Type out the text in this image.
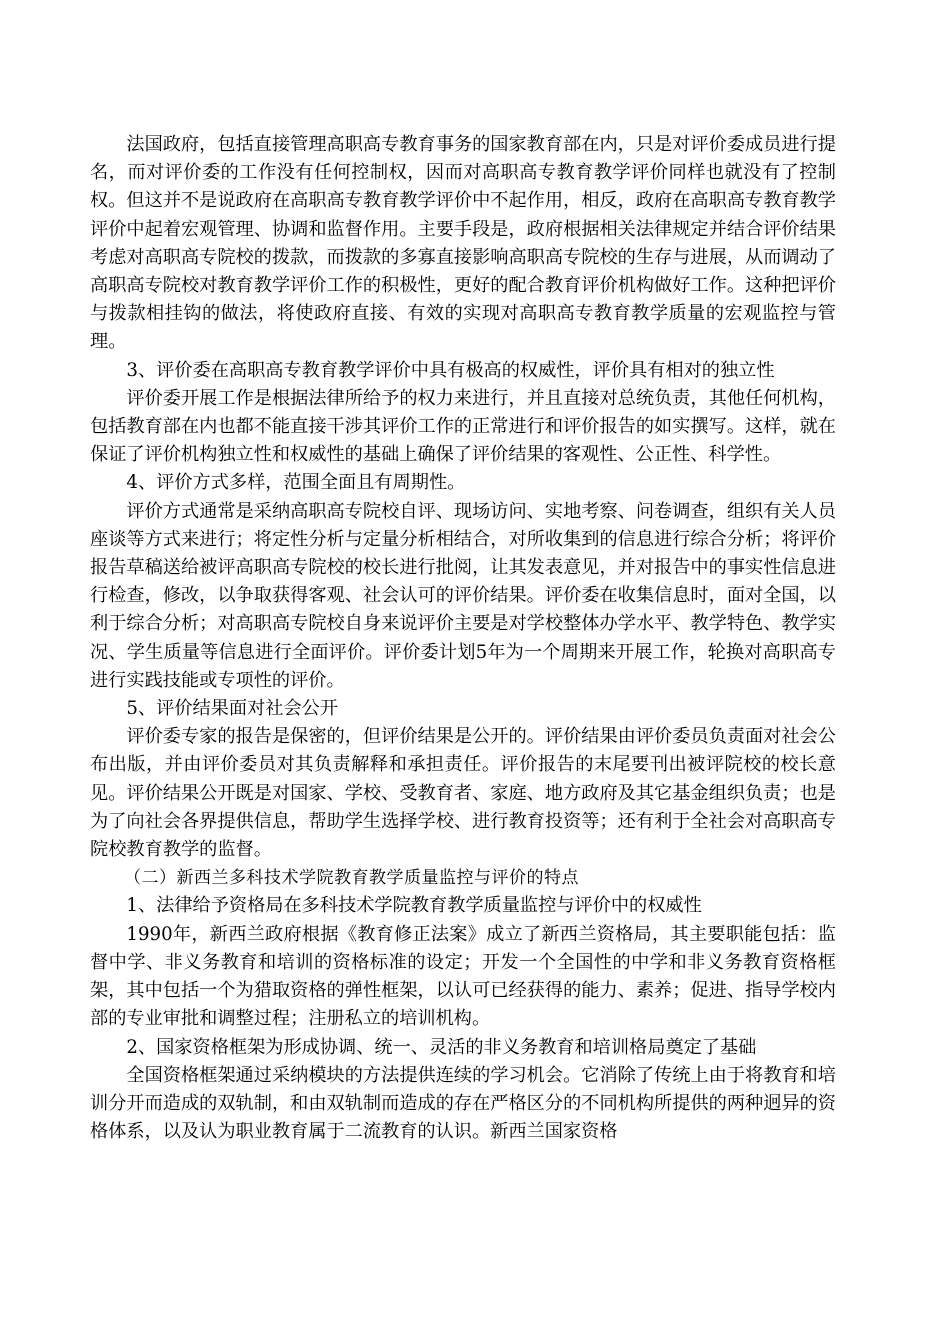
法国政府，包括直接管理高职高专教育事务的国家教育部在内，只是对评价委成员进行提名，而对评价委的工作没有任何控制权，因而对高职高专教育教学评价同样也就没有了控制权。但这并不是说政府在高职高专教育教学评价中不起作用，相反，政府在高职高专教育教学评价中起着宏观管理、协调和监督作用。主要手段是，政府根据相关法律规定并结合评价结果考虑对高职高专院校的拨款，而拨款的多寡直接影响高职高专院校的生存与进展，从而调动了高职高专院校对教育教学评价工作的积极性，更好的配合教育评价机构做好工作。这种把评价与拨款相挂钩的做法，将使政府直接、有效的实现对高职高专教育教学质量的宏观监控与管理。

3、评价委在高职高专教育教学评价中具有极高的权威性，评价具有相对的独立性

评价委开展工作是根据法律所给予的权力来进行，并且直接对总统负责，其他任何机构，包括教育部在内也都不能直接干涉其评价工作的正常进行和评价报告的如实撰写。这样，就在保证了评价机构独立性和权威性的基础上确保了评价结果的客观性、公正性、科学性。

4、评价方式多样，范围全面且有周期性。

评价方式通常是采纳高职高专院校自评、现场访问、实地考察、问卷调查，组织有关人员座谈等方式来进行；将定性分析与定量分析相结合，对所收集到的信息进行综合分析；将评价报告草稿送给被评高职高专院校的校长进行批阅，让其发表意见，并对报告中的事实性信息进行检查，修改，以争取获得客观、社会认可的评价结果。评价委在收集信息时，面对全国，以利于综合分析；对高职高专院校自身来说评价主要是对学校整体办学水平、教学特色、教学实况、学生质量等信息进行全面评价。评价委计划5年为一个周期来开展工作，轮换对高职高专进行实践技能或专项性的评价。

5、评价结果面对社会公开

评价委专家的报告是保密的，但评价结果是公开的。评价结果由评价委员负责面对社会公布出版，并由评价委员对其负责解释和承担责任。评价报告的末尾要刊出被评院校的校长意见。评价结果公开既是对国家、学校、受教育者、家庭、地方政府及其它基金组织负责；也是为了向社会各界提供信息，帮助学生选择学校、进行教育投资等；还有利于全社会对高职高专院校教育教学的监督。

（二）新西兰多科技术学院教育教学质量监控与评价的特点

1、法律给予资格局在多科技术学院教育教学质量监控与评价中的权威性

1990年，新西兰政府根据《教育修正法案》成立了新西兰资格局，其主要职能包括：监督中学、非义务教育和培训的资格标准的设定；开发一个全国性的中学和非义务教育资格框架，其中包括一个为猎取资格的弹性框架，以认可已经获得的能力、素养；促进、指导学校内部的专业审批和调整过程；注册私立的培训机构。

2、国家资格框架为形成协调、统一、灵活的非义务教育和培训格局奠定了基础

全国资格框架通过采纳模块的方法提供连续的学习机会。它消除了传统上由于将教育和培训分开而造成的双轨制，和由双轨制而造成的存在严格区分的不同机构所提供的两种迥异的资格体系，以及认为职业教育属于二流教育的认识。新西兰国家资格
